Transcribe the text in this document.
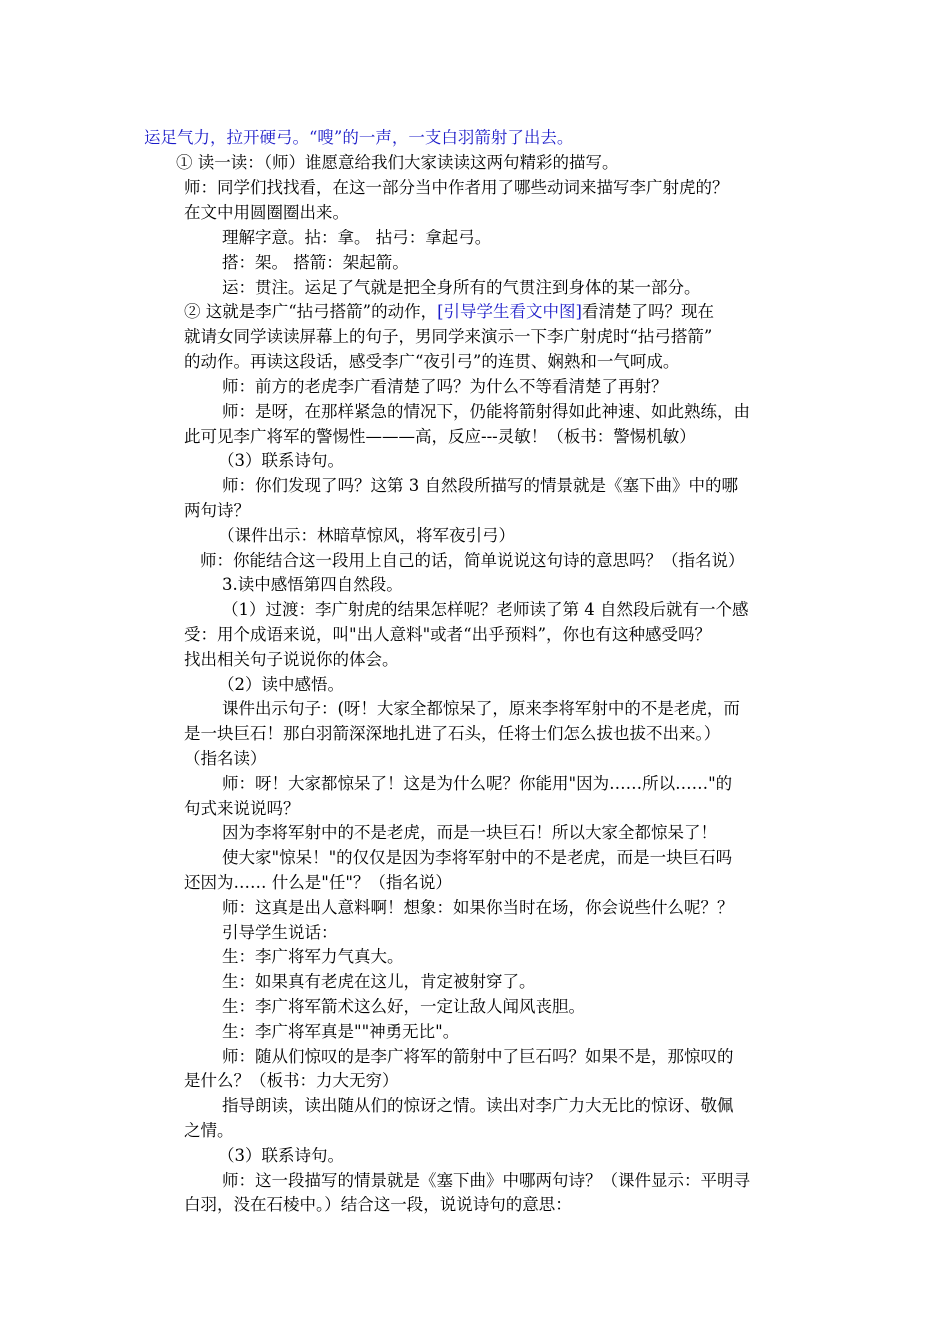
运足气力，拉开硬弓。“嗖”的一声，一支白羽箭射了出去。
① 读一读：（师）谁愿意给我们大家读读这两句精彩的描写。
师：同学们找找看，在这一部分当中作者用了哪些动词来描写李广射虎的？
在文中用圆圈圈出来。
理解字意。拈：拿。 拈弓：拿起弓。
搭：架。 搭箭：架起箭。
运：贯注。运足了气就是把全身所有的气贯注到身体的某一部分。
② 这就是李广“拈弓搭箭”的动作，[引导学生看文中图]看清楚了吗？现在
就请女同学读读屏幕上的句子，男同学来演示一下李广射虎时“拈弓搭箭”
的动作。再读这段话，感受李广“夜引弓”的连贯、娴熟和一气呵成。
师：前方的老虎李广看清楚了吗？为什么不等看清楚了再射？
师：是呀，在那样紧急的情况下，仍能将箭射得如此神速、如此熟练，由
此可见李广将军的警惕性———高，反应---灵敏！（板书：警惕机敏）
（3）联系诗句。
师：你们发现了吗？这第 3 自然段所描写的情景就是《塞下曲》中的哪
两句诗？
（课件出示：林暗草惊风，将军夜引弓）
师：你能结合这一段用上自己的话，简单说说这句诗的意思吗？（指名说）
3.读中感悟第四自然段。
（1）过渡：李广射虎的结果怎样呢？老师读了第 4 自然段后就有一个感
受：用个成语来说，叫"出人意料"或者“出乎预料”，你也有这种感受吗？
找出相关句子说说你的体会。
（2）读中感悟。
课件出示句子：(呀！大家全都惊呆了，原来李将军射中的不是老虎，而
是一块巨石！那白羽箭深深地扎进了石头，任将士们怎么拔也拔不出来。）
（指名读）
师：呀！大家都惊呆了！这是为什么呢？你能用"因为……所以……"的
句式来说说吗？
因为李将军射中的不是老虎，而是一块巨石！所以大家全都惊呆了！
使大家"惊呆！"的仅仅是因为李将军射中的不是老虎，而是一块巨石吗
还因为…… 什么是"任"？（指名说）
师：这真是出人意料啊！想象：如果你当时在场，你会说些什么呢？？
引导学生说话：
生：李广将军力气真大。
生：如果真有老虎在这儿，肯定被射穿了。
生：李广将军箭术这么好，一定让敌人闻风丧胆。
生：李广将军真是""神勇无比"。
师：随从们惊叹的是李广将军的箭射中了巨石吗？如果不是，那惊叹的
是什么？（板书：力大无穷）
指导朗读，读出随从们的惊讶之情。读出对李广力大无比的惊讶、敬佩
之情。
（3）联系诗句。
师：这一段描写的情景就是《塞下曲》中哪两句诗？（课件显示：平明寻
白羽，没在石棱中。）结合这一段，说说诗句的意思：
